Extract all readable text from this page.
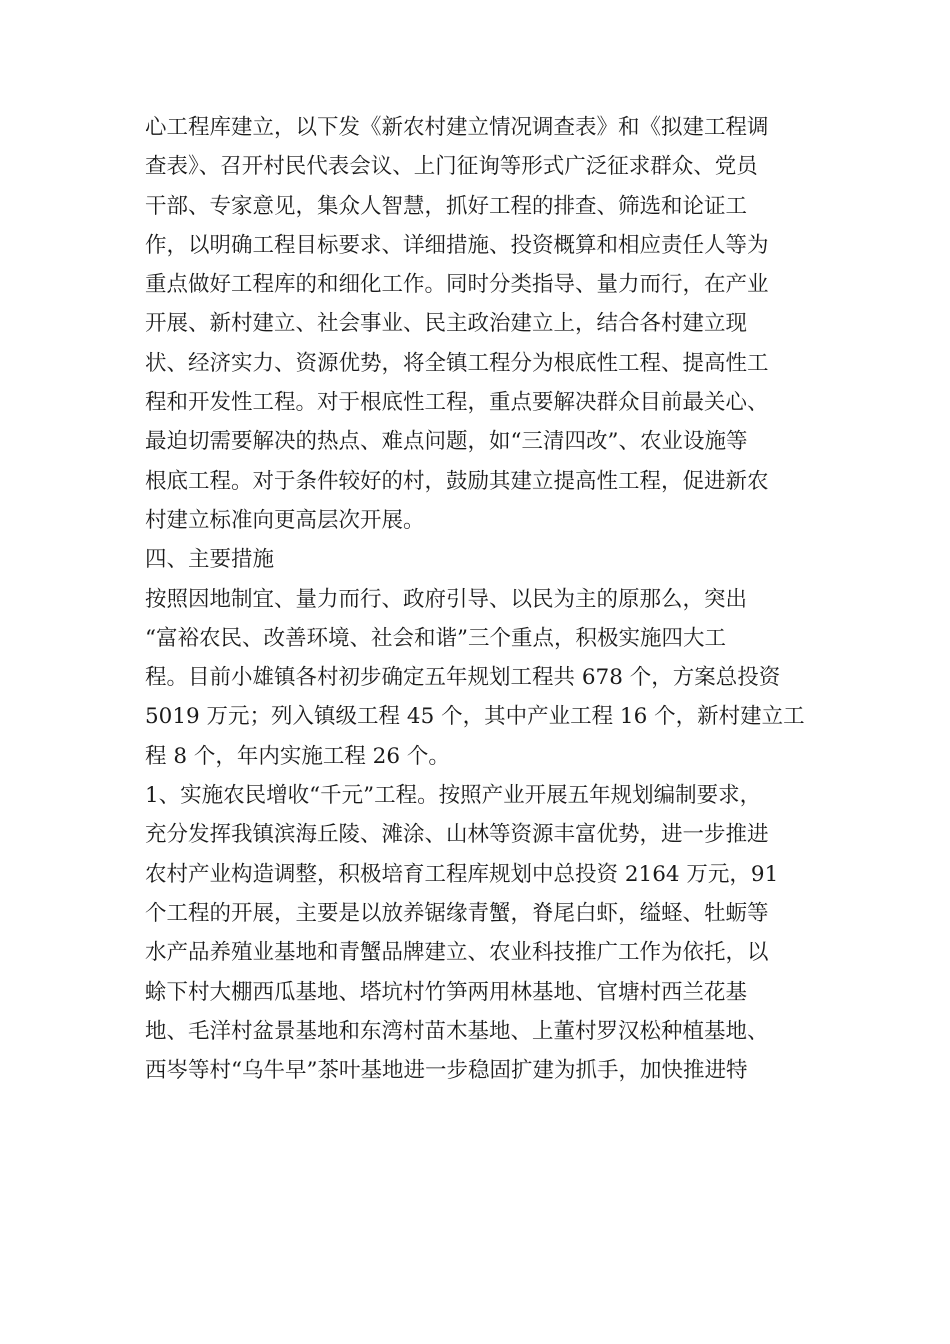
心工程库建立，以下发《新农村建立情况调查表》和《拟建工程调
查表》、召开村民代表会议、上门征询等形式广泛征求群众、党员
干部、专家意见，集众人智慧，抓好工程的排查、筛选和论证工
作，以明确工程目标要求、详细措施、投资概算和相应责任人等为
重点做好工程库的和细化工作。同时分类指导、量力而行，在产业
开展、新村建立、社会事业、民主政治建立上，结合各村建立现
状、经济实力、资源优势，将全镇工程分为根底性工程、提高性工
程和开发性工程。对于根底性工程，重点要解决群众目前最关心、
最迫切需要解决的热点、难点问题，如“三清四改”、农业设施等
根底工程。对于条件较好的村，鼓励其建立提高性工程，促进新农
村建立标准向更高层次开展。
四、主要措施
按照因地制宜、量力而行、政府引导、以民为主的原那么，突出
“富裕农民、改善环境、社会和谐”三个重点，积极实施四大工
程。目前小雄镇各村初步确定五年规划工程共 678 个，方案总投资
5019 万元；列入镇级工程 45 个，其中产业工程 16 个，新村建立工
程 8 个，年内实施工程 26 个。
1、实施农民增收“千元”工程。按照产业开展五年规划编制要求，
充分发挥我镇滨海丘陵、滩涂、山林等资源丰富优势，进一步推进
农村产业构造调整，积极培育工程库规划中总投资 2164 万元，91
个工程的开展，主要是以放养锯缘青蟹，脊尾白虾，缢蛏、牡蛎等
水产品养殖业基地和青蟹品牌建立、农业科技推广工作为依托，以
蜍下村大棚西瓜基地、塔坑村竹笋两用林基地、官塘村西兰花基
地、毛洋村盆景基地和东湾村苗木基地、上董村罗汉松种植基地、
西岑等村“乌牛早”茶叶基地进一步稳固扩建为抓手，加快推进特
